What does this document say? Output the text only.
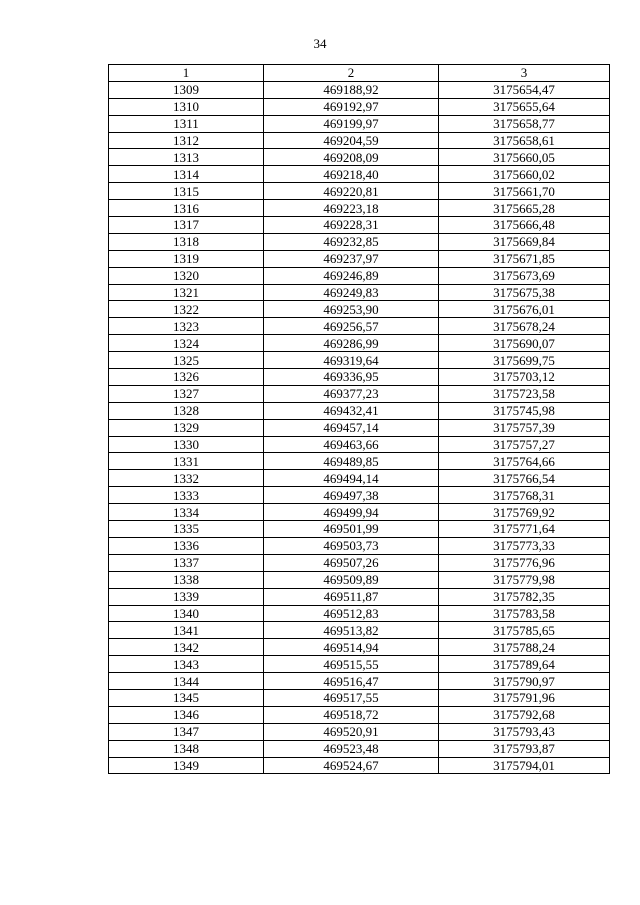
34
1	2	3
1309	469188,92	3175654,47
1310	469192,97	3175655,64
1311	469199,97	3175658,77
1312	469204,59	3175658,61
1313	469208,09	3175660,05
1314	469218,40	3175660,02
1315	469220,81	3175661,70
1316	469223,18	3175665,28
1317	469228,31	3175666,48
1318	469232,85	3175669,84
1319	469237,97	3175671,85
1320	469246,89	3175673,69
1321	469249,83	3175675,38
1322	469253,90	3175676,01
1323	469256,57	3175678,24
1324	469286,99	3175690,07
1325	469319,64	3175699,75
1326	469336,95	3175703,12
1327	469377,23	3175723,58
1328	469432,41	3175745,98
1329	469457,14	3175757,39
1330	469463,66	3175757,27
1331	469489,85	3175764,66
1332	469494,14	3175766,54
1333	469497,38	3175768,31
1334	469499,94	3175769,92
1335	469501,99	3175771,64
1336	469503,73	3175773,33
1337	469507,26	3175776,96
1338	469509,89	3175779,98
1339	469511,87	3175782,35
1340	469512,83	3175783,58
1341	469513,82	3175785,65
1342	469514,94	3175788,24
1343	469515,55	3175789,64
1344	469516,47	3175790,97
1345	469517,55	3175791,96
1346	469518,72	3175792,68
1347	469520,91	3175793,43
1348	469523,48	3175793,87
1349	469524,67	3175794,01
